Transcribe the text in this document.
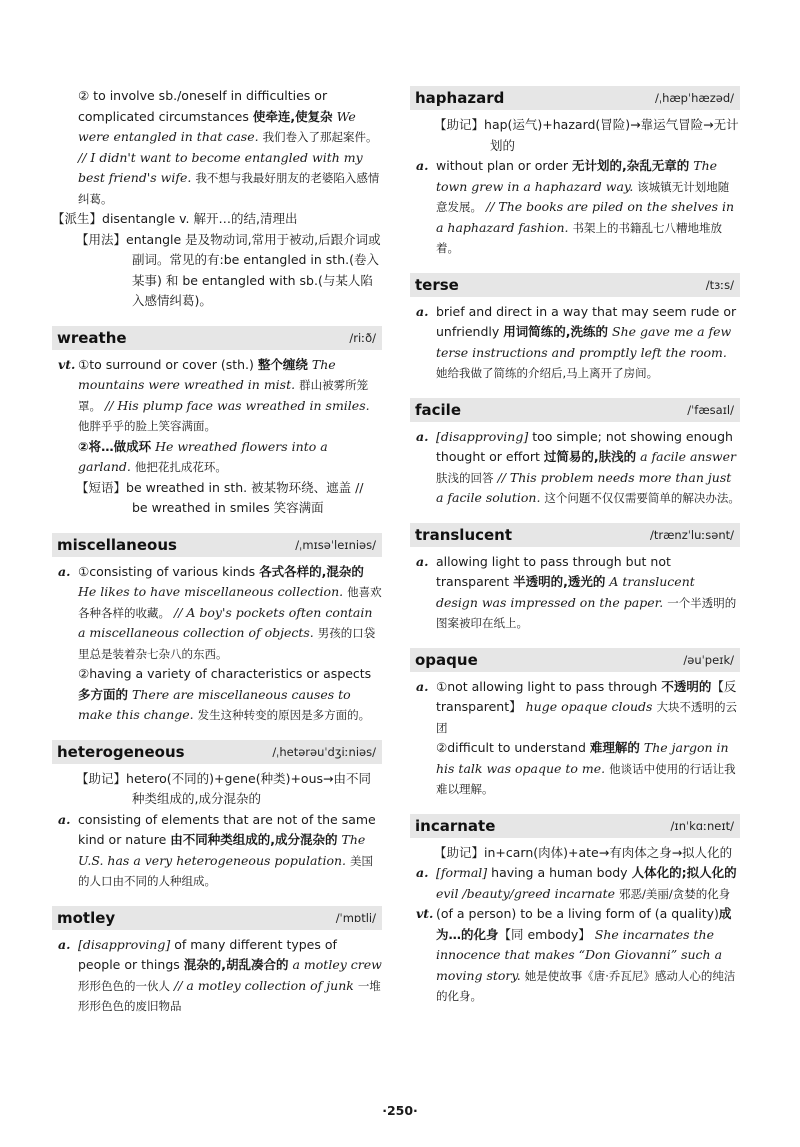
② to involve sb./oneself in difficulties or complicated circumstances 使牵连,使复杂 We were entangled in that case. 我们卷入了那起案件。 // I didn't want to become entangled with my best friend's wife. 我不想与我最好朋友的老婆陷入感情纠葛。

【派生】disentangle v. 解开…的结,清理出

【用法】entangle 是及物动词,常用于被动,后跟介词或副词。常见的有:be entangled in sth.(卷入某事) 和 be entangled with sb.(与某人陷入感情纠葛)。

wreathe	/riːð/

vt. ①to surround or cover (sth.) 整个缠绕 The mountains were wreathed in mist. 群山被雾所笼罩。 // His plump face was wreathed in smiles. 他胖乎乎的脸上笑容满面。

②将…做成环 He wreathed flowers into a garland. 他把花扎成花环。

【短语】be wreathed in sth. 被某物环绕、遮盖 // be wreathed in smiles 笑容满面

miscellaneous	/ˌmɪsəˈleɪniəs/

a. ①consisting of various kinds 各式各样的,混杂的 He likes to have miscellaneous collection. 他喜欢各种各样的收藏。 // A boy's pockets often contain a miscellaneous collection of objects. 男孩的口袋里总是装着杂七杂八的东西。

②having a variety of characteristics or aspects 多方面的 There are miscellaneous causes to make this change. 发生这种转变的原因是多方面的。

heterogeneous	/ˌhetərəuˈdʒiːniəs/

【助记】hetero(不同的)+gene(种类)+ous→由不同种类组成的,成分混杂的

a. consisting of elements that are not of the same kind or nature 由不同种类组成的,成分混杂的 The U.S. has a very heterogeneous population. 美国的人口由不同的人种组成。

motley	/ˈmɒtli/

a. [disapproving] of many different types of people or things 混杂的,胡乱凑合的 a motley crew 形形色色的一伙人 // a motley collection of junk 一堆形形色色的废旧物品

haphazard	/ˌhæpˈhæzəd/

【助记】hap(运气)+hazard(冒险)→靠运气冒险→无计划的

a. without plan or order 无计划的,杂乱无章的 The town grew in a haphazard way. 该城镇无计划地随意发展。 // The books are piled on the shelves in a haphazard fashion. 书架上的书籍乱七八糟地堆放着。

terse	/tɜːs/

a. brief and direct in a way that may seem rude or unfriendly 用词简练的,洗练的 She gave me a few terse instructions and promptly left the room. 她给我做了简练的介绍后,马上离开了房间。

facile	/ˈfæsaɪl/

a. [disapproving] too simple; not showing enough thought or effort 过简易的,肤浅的 a facile answer 肤浅的回答 // This problem needs more than just a facile solution. 这个问题不仅仅需要简单的解决办法。

translucent	/trænzˈluːsənt/

a. allowing light to pass through but not transparent 半透明的,透光的 A translucent design was impressed on the paper. 一个半透明的图案被印在纸上。

opaque	/əuˈpeɪk/

a. ①not allowing light to pass through 不透明的【反 transparent】 huge opaque clouds 大块不透明的云团

②difficult to understand 难理解的 The jargon in his talk was opaque to me. 他谈话中使用的行话让我难以理解。

incarnate	/ɪnˈkɑːneɪt/

【助记】in+carn(肉体)+ate→有肉体之身→拟人化的

a. [formal] having a human body 人体化的;拟人化的 evil /beauty/greed incarnate 邪恶/美丽/贪婪的化身

vt. (of a person) to be a living form of (a quality)成为…的化身【同 embody】 She incarnates the innocence that makes “Don Giovanni” such a moving story. 她是使故事《唐·乔瓦尼》感动人心的纯洁的化身。

·250·
